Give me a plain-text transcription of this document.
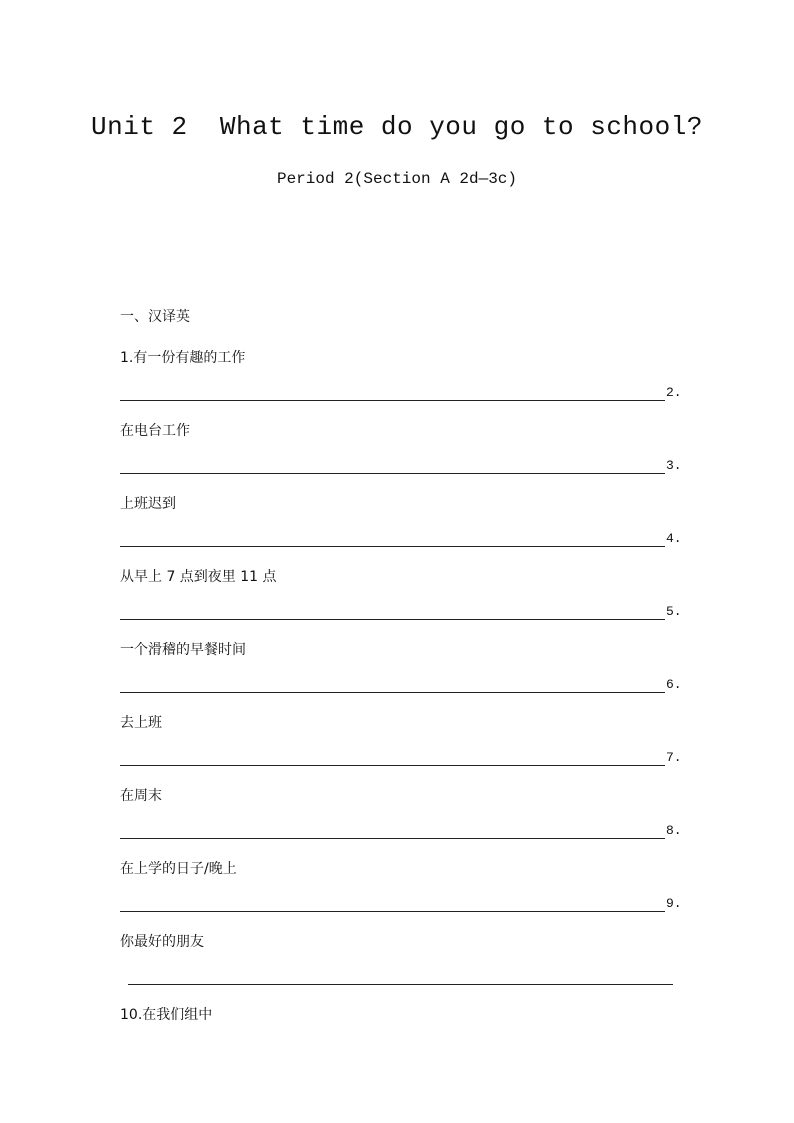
Unit 2  What time do you go to school?
Period 2(Section A 2d—3c)
一、汉译英
1.有一份有趣的工作
2.
在电台工作
3.
上班迟到
4.
从早上 7 点到夜里 11 点
5.
一个滑稽的早餐时间
6.
去上班
7.
在周末
8.
在上学的日子/晚上
9.
你最好的朋友
10.在我们组中
